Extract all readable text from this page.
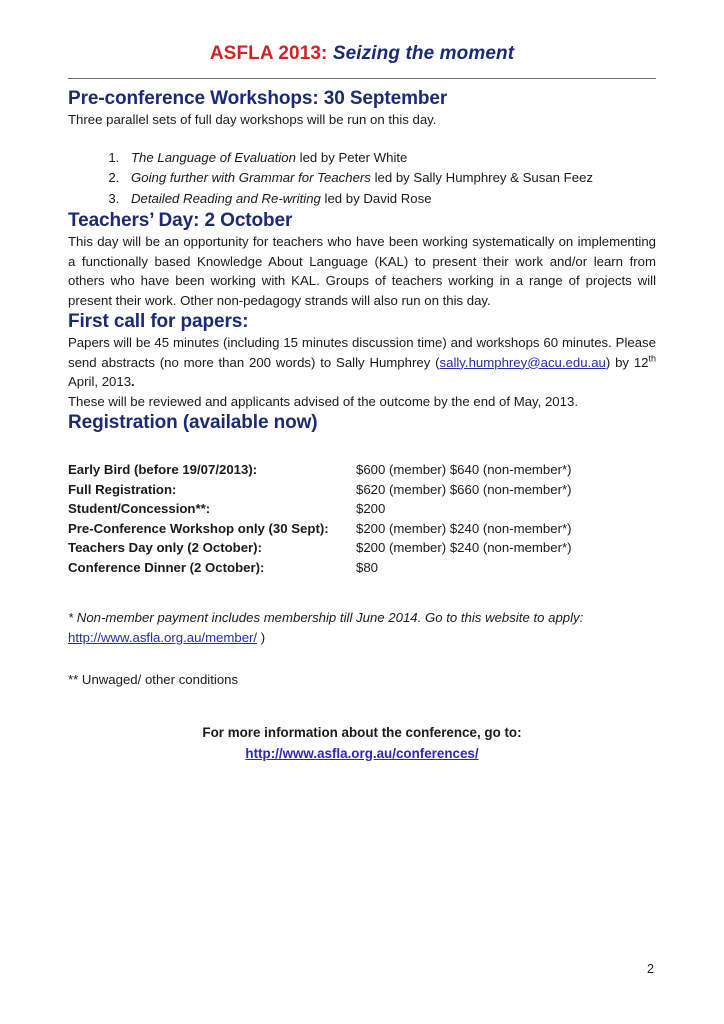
ASFLA 2013: Seizing the moment
Pre-conference Workshops: 30 September

Three parallel sets of full day workshops will be run on this day.

1. The Language of Evaluation led by Peter White
2. Going further with Grammar for Teachers led by Sally Humphrey & Susan Feez
3. Detailed Reading and Re-writing led by David Rose
Teachers’ Day: 2 October

This day will be an opportunity for teachers who have been working systematically on implementing a functionally based Knowledge About Language (KAL) to present their work and/or learn from others who have been working with KAL. Groups of teachers working in a range of projects will present their work. Other non-pedagogy strands will also run on this day.

First call for papers:

Papers will be 45 minutes (including 15 minutes discussion time) and workshops 60 minutes. Please send abstracts (no more than 200 words) to Sally Humphrey (sally.humphrey@acu.edu.au) by 12th April, 2013.

These will be reviewed and applicants advised of the outcome by the end of May, 2013.

Registration (available now)
Early Bird (before 19/07/2013):	$600 (member) $640 (non-member*)
Full Registration:	$620 (member) $660 (non-member*)
Student/Concession**:	$200
Pre-Conference Workshop only (30 Sept):	$200 (member) $240 (non-member*)
Teachers Day only (2 October):	$200 (member) $240 (non-member*)
Conference Dinner (2 October):	$80
* Non-member payment includes membership till June 2014. Go to this website to apply:
http://www.asfla.org.au/member/ )
** Unwaged/ other conditions
For more information about the conference, go to:
http://www.asfla.org.au/conferences/
2
